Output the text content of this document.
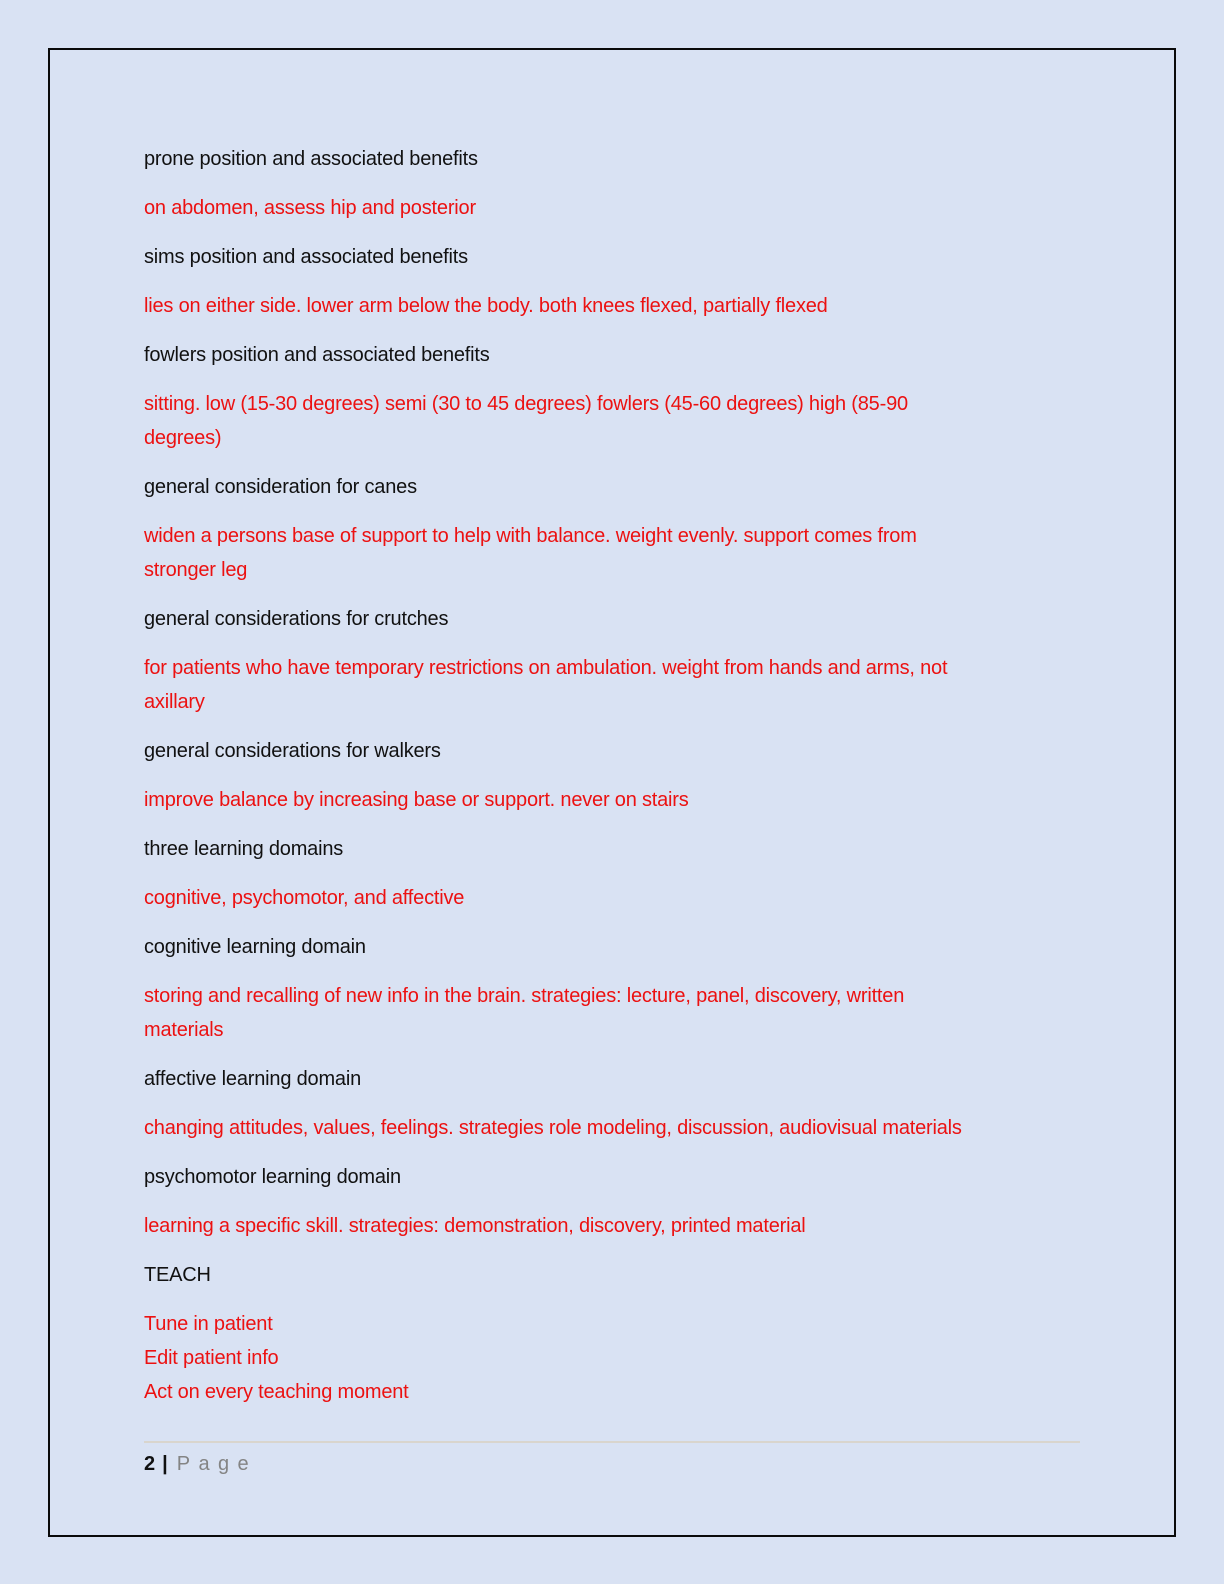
prone position and associated benefits
on abdomen, assess hip and posterior
sims position and associated benefits
lies on either side. lower arm below the body. both knees flexed, partially flexed
fowlers position and associated benefits
sitting. low (15-30 degrees) semi (30 to 45 degrees) fowlers (45-60 degrees) high (85-90
degrees)
general consideration for canes
widen a persons base of support to help with balance. weight evenly. support comes from
stronger leg
general considerations for crutches
for patients who have temporary restrictions on ambulation. weight from hands and arms, not
axillary
general considerations for walkers
improve balance by increasing base or support. never on stairs
three learning domains
cognitive, psychomotor, and affective
cognitive learning domain
storing and recalling of new info in the brain. strategies: lecture, panel, discovery, written
materials
affective learning domain
changing attitudes, values, feelings. strategies role modeling, discussion, audiovisual materials
psychomotor learning domain
learning a specific skill. strategies: demonstration, discovery, printed material
TEACH
Tune in patient
Edit patient info
Act on every teaching moment
2 | Page
